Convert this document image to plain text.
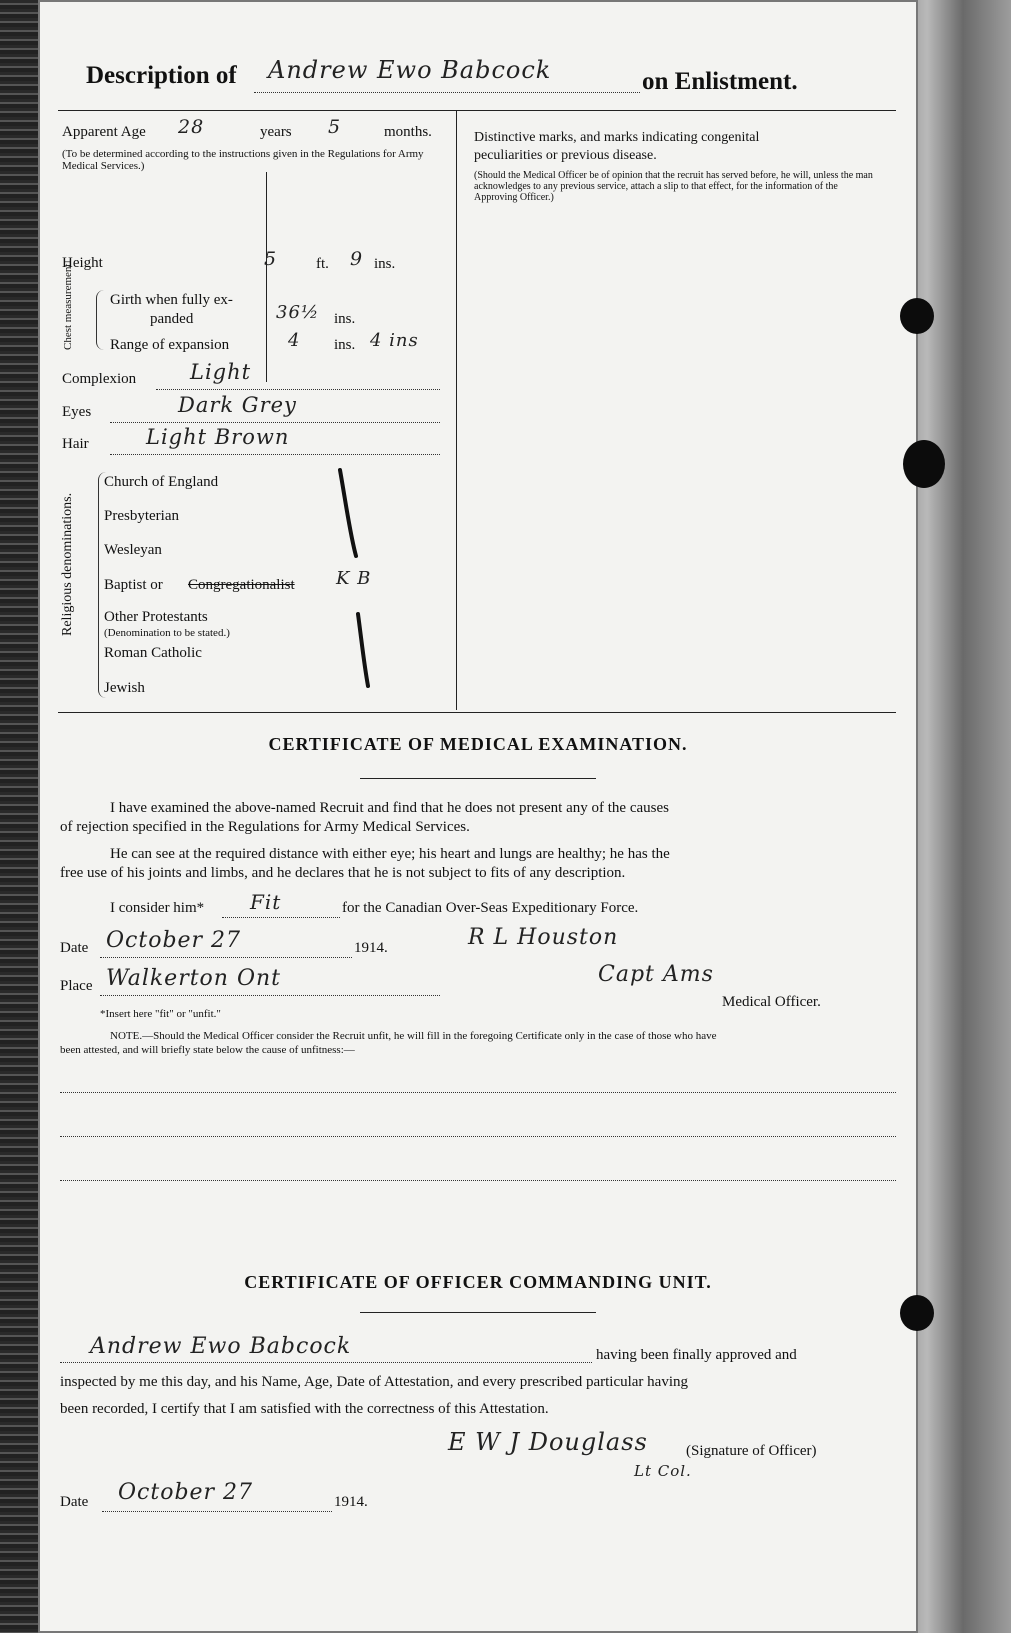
Description of Andrew Ewo Babcock	on Enlistment.
Apparent Age 28	years 5	months.
(To be determined according to the instructions given in the Regulations for Army Medical Services.)
Height	5	ft. 9 ins.
Chest measurement. Girth when fully ex-
panded	36½ ins.
Range of expansion	4 ins. 4 ins
Complexion	Light
Eyes	Dark Grey
Hair	Light Brown
Religious denominations.
Church of England
Presbyterian
Wesleyan
Baptist or Congregationalist K B
Other Protestants
(Denomination to be stated.)
Roman Catholic
Jewish
Distinctive marks, and marks indicating congenital
peculiarities or previous disease.
(Should the Medical Officer be of opinion that the recruit has served before, he will, unless the man acknowledges to any previous service, attach a slip to that effect, for the information of the Approving Officer.)
CERTIFICATE OF MEDICAL EXAMINATION.
I have examined the above-named Recruit and find that he does not present any of the causes
of rejection specified in the Regulations for Army Medical Services.
He can see at the required distance with either eye; his heart and lungs are healthy; he has the
free use of his joints and limbs, and he declares that he is not subject to fits of any description.
I consider him* Fit	for the Canadian Over-Seas Expeditionary Force.
Date October 27	1914.	R L Houston
Place Walkerton Ont	Capt Ams
Medical Officer.
*Insert here "fit" or "unfit."
NOTE.—Should the Medical Officer consider the Recruit unfit, he will fill in the foregoing Certificate only in the case of those who have
been attested, and will briefly state below the cause of unfitness:—
CERTIFICATE OF OFFICER COMMANDING UNIT.
Andrew Ewo Babcock	having been finally approved and
inspected by me this day, and his Name, Age, Date of Attestation, and every prescribed particular having
been recorded, I certify that I am satisfied with the correctness of this Attestation.
E W J Douglass
Lt Col.
(Signature of Officer)
Date October 27	1914.
